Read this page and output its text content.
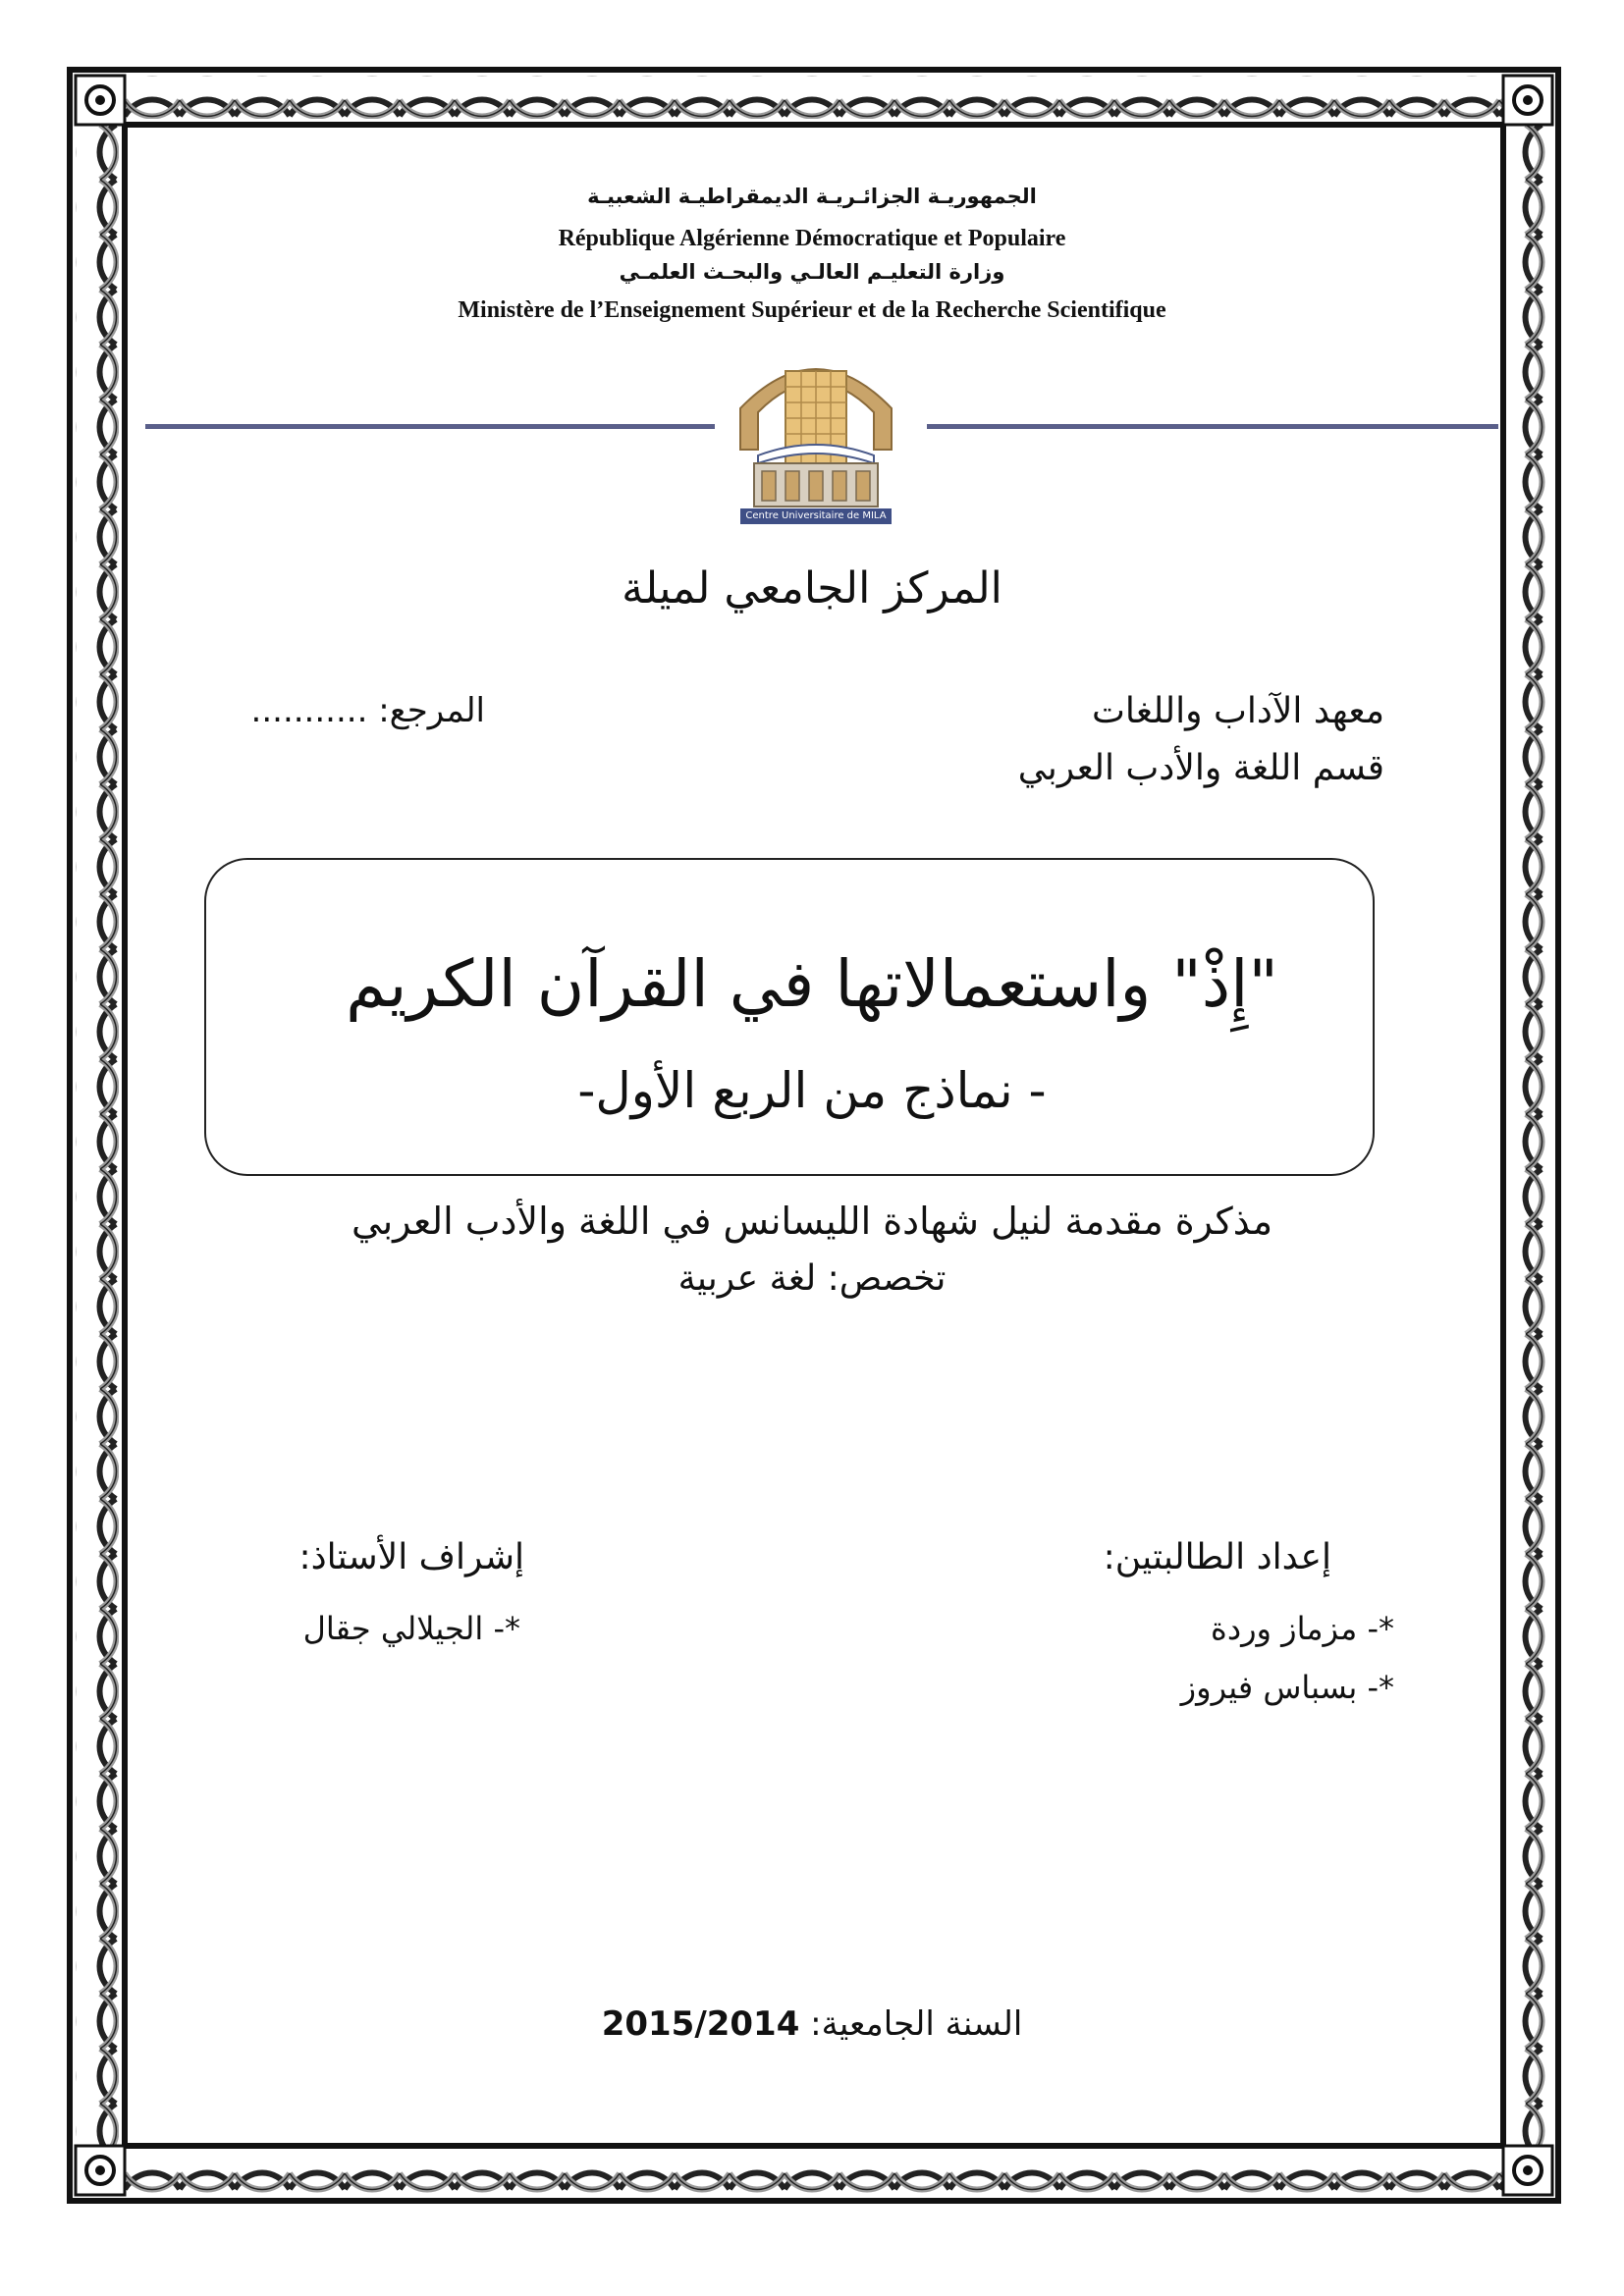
الجمهوريـة الجزائـريـة الديمقراطيـة الشعبيـة
République Algérienne Démocratique et Populaire
وزارة التعليـم العالـي والبحـث العلمـي
Ministère de l’Enseignement Supérieur et de la Recherche Scientifique
Centre Universitaire de MILA
المركز الجامعي لميلة
معهد الآداب واللغات
قسم اللغة والأدب العربي
المرجع: ...........
"إِذْ" واستعمالاتها في القرآن الكريم
- نماذج من الربع الأول-
مذكرة مقدمة لنيل شهادة الليسانس في اللغة والأدب العربي
تخصص: لغة عربية
إعداد الطالبتين:
*- مزماز وردة
*- بسباس فيروز
إشراف الأستاذ:
*- الجيلالي جقال
السنة الجامعية: 2015/2014
